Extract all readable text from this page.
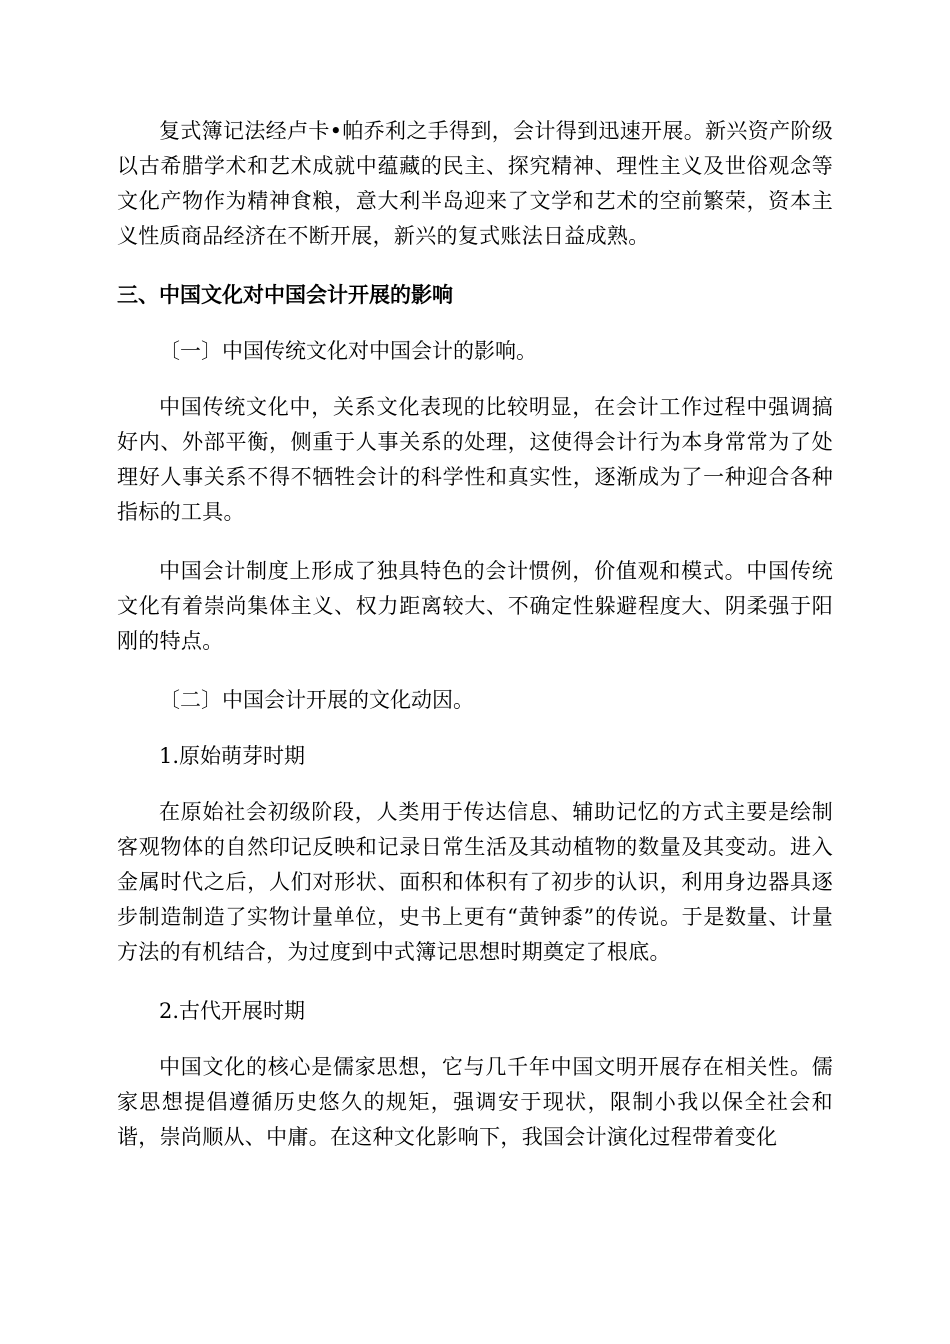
复式簿记法经卢卡•帕乔利之手得到，会计得到迅速开展。新兴资产阶级以古希腊学术和艺术成就中蕴藏的民主、探究精神、理性主义及世俗观念等文化产物作为精神食粮，意大利半岛迎来了文学和艺术的空前繁荣，资本主义性质商品经济在不断开展，新兴的复式账法日益成熟。

三、中国文化对中国会计开展的影响

〔一〕中国传统文化对中国会计的影响。

中国传统文化中，关系文化表现的比较明显，在会计工作过程中强调搞好内、外部平衡，侧重于人事关系的处理，这使得会计行为本身常常为了处理好人事关系不得不牺牲会计的科学性和真实性，逐渐成为了一种迎合各种指标的工具。

中国会计制度上形成了独具特色的会计惯例，价值观和模式。中国传统文化有着崇尚集体主义、权力距离较大、不确定性躲避程度大、阴柔强于阳刚的特点。

〔二〕中国会计开展的文化动因。

1.原始萌芽时期

在原始社会初级阶段，人类用于传达信息、辅助记忆的方式主要是绘制客观物体的自然印记反映和记录日常生活及其动植物的数量及其变动。进入金属时代之后，人们对形状、面积和体积有了初步的认识，利用身边器具逐步制造制造了实物计量单位，史书上更有“黄钟黍”的传说。于是数量、计量方法的有机结合，为过度到中式簿记思想时期奠定了根底。

2.古代开展时期

中国文化的核心是儒家思想，它与几千年中国文明开展存在相关性。儒家思想提倡遵循历史悠久的规矩，强调安于现状，限制小我以保全社会和谐，崇尚顺从、中庸。在这种文化影响下，我国会计演化过程带着变化
